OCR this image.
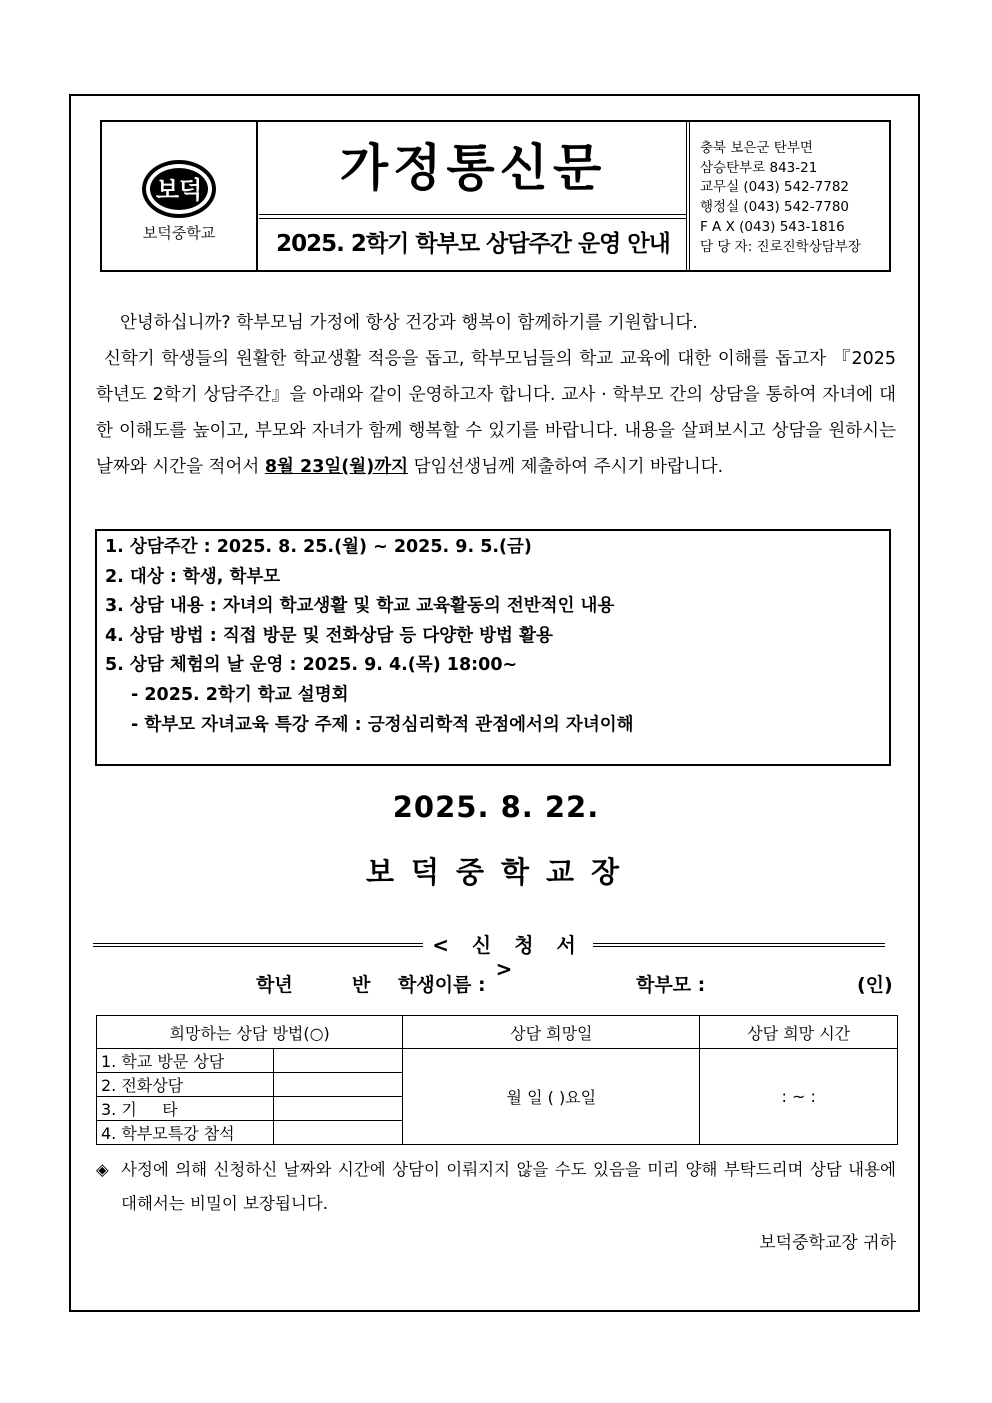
보덕
보덕중학교
가정통신문
2025. 2학기 학부모 상담주간 운영 안내
충북 보은군 탄부면
삼승탄부로 843-21
교무실 (043) 542-7782
행정실 (043) 542-7780
F A X (043) 543-1816
담 당 자: 진로진학상담부장

안녕하십니까? 학부모님 가정에 항상 건강과 행복이 함께하기를 기원합니다.

신학기 학생들의 원활한 학교생활 적응을 돕고, 학부모님들의 학교 교육에 대한 이해를 돕고자 『2025학년도 2학기 상담주간』을 아래와 같이 운영하고자 합니다. 교사 · 학부모 간의 상담을 통하여 자녀에 대한 이해도를 높이고, 부모와 자녀가 함께 행복할 수 있기를 바랍니다. 내용을 살펴보시고 상담을 원하시는 날짜와 시간을 적어서 8월 23일(월)까지 담임선생님께 제출하여 주시기 바랍니다.

1. 상담주간 : 2025. 8. 25.(월) ~ 2025. 9. 5.(금)
2. 대상 : 학생, 학부모
3. 상담 내용 : 자녀의 학교생활 및 학교 교육활동의 전반적인 내용
4. 상담 방법 : 직접 방문 및 전화상담 등 다양한 방법 활용
5. 상담 체험의 날 운영 : 2025. 9. 4.(목) 18:00~
- 2025. 2학기 학교 설명회
- 학부모 자녀교육 특강 주제 : 긍정심리학적 관점에서의 자녀이해
2025. 8. 22.
보덕중학교장
< 신 청 서 >
학년	반 학생이름 :	학부모 :	(인)
희망하는 상담 방법(○)		상담 희망일	상담 희망 시간
1. 학교 방문 상담		월 일 ( )요일	: ~ :
2. 전화상담			
3. 기     타			
4. 학부모특강 참석			
◈ 사정에 의해 신청하신 날짜와 시간에 상담이 이뤄지지 않을 수도 있음을 미리 양해 부탁드리며 상담 내용에 대해서는 비밀이 보장됩니다.
보덕중학교장 귀하
